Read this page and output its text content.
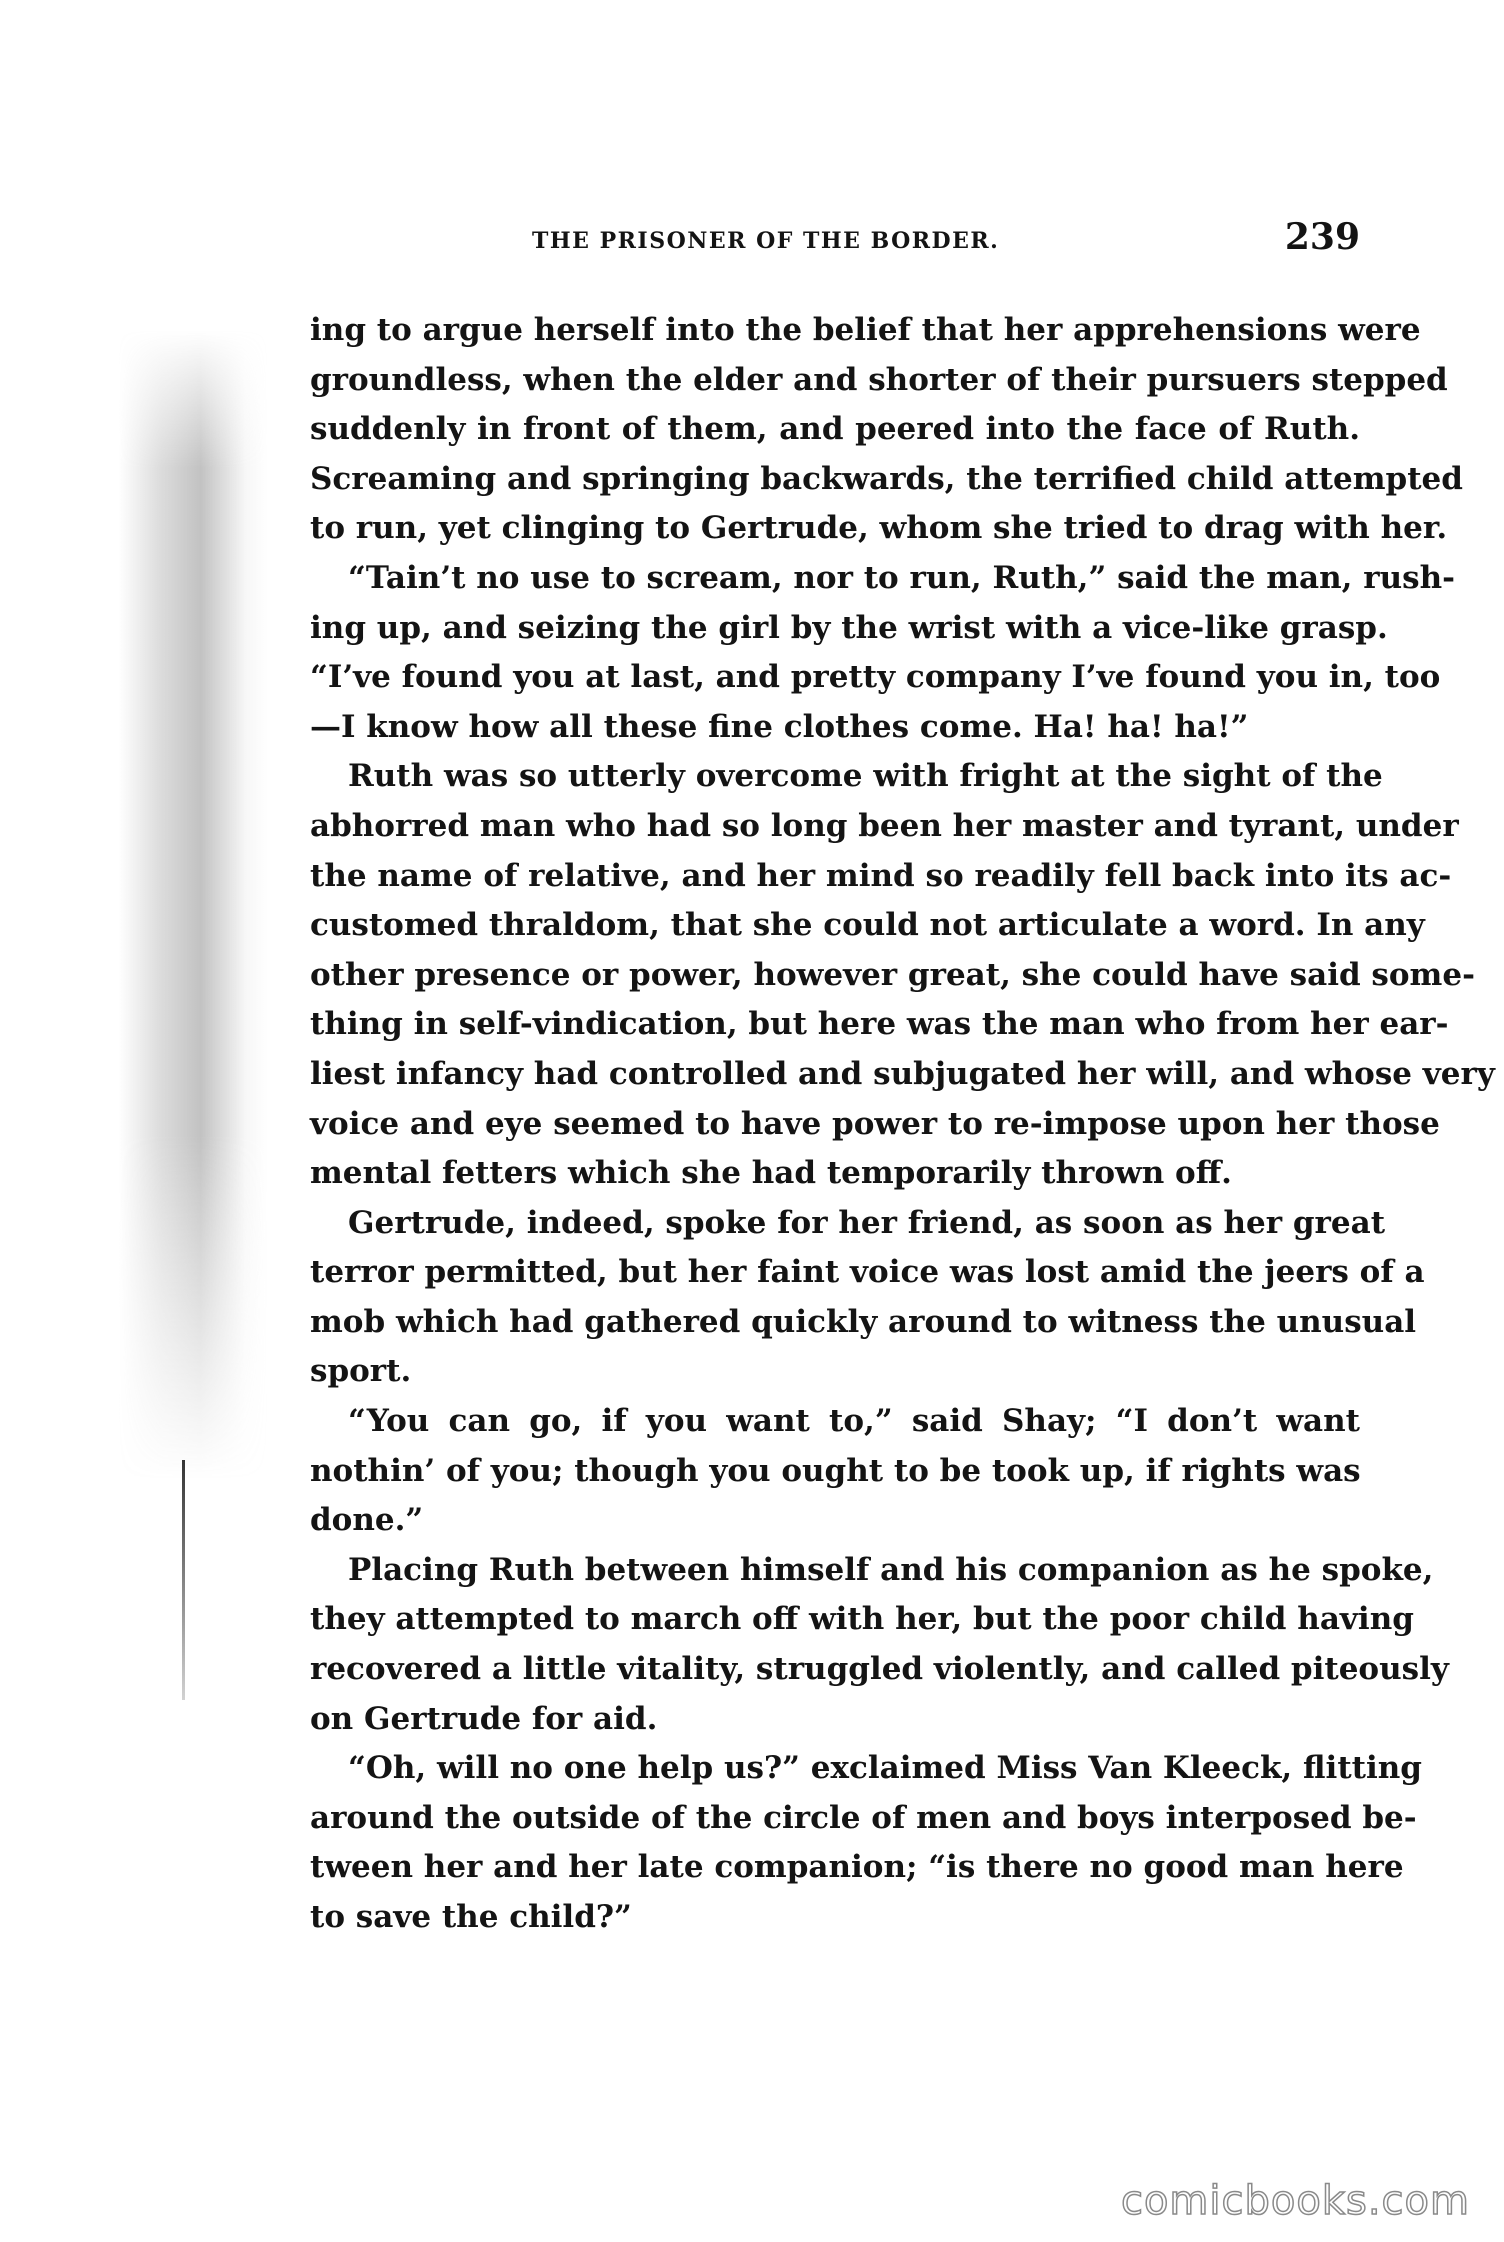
THE PRISONER OF THE BORDER.	239
ing to argue herself into the belief that her apprehensions were
groundless, when the elder and shorter of their pursuers stepped
suddenly in front of them, and peered into the face of Ruth.
Screaming and springing backwards, the terrified child attempted
to run, yet clinging to Gertrude, whom she tried to drag with her.
“Tain’t no use to scream, nor to run, Ruth,” said the man, rush-
ing up, and seizing the girl by the wrist with a vice-like grasp.
“I’ve found you at last, and pretty company I’ve found you in, too
—I know how all these fine clothes come. Ha! ha! ha!”
Ruth was so utterly overcome with fright at the sight of the
abhorred man who had so long been her master and tyrant, under
the name of relative, and her mind so readily fell back into its ac-
customed thraldom, that she could not articulate a word. In any
other presence or power, however great, she could have said some-
thing in self-vindication, but here was the man who from her ear-
liest infancy had controlled and subjugated her will, and whose very
voice and eye seemed to have power to re-impose upon her those
mental fetters which she had temporarily thrown off.
Gertrude, indeed, spoke for her friend, as soon as her great
terror permitted, but her faint voice was lost amid the jeers of a
mob which had gathered quickly around to witness the unusual
sport.
“You can go, if you want to,” said Shay; “I don’t want
nothin’ of you; though you ought to be took up, if rights was
done.”
Placing Ruth between himself and his companion as he spoke,
they attempted to march off with her, but the poor child having
recovered a little vitality, struggled violently, and called piteously
on Gertrude for aid.
“Oh, will no one help us?” exclaimed Miss Van Kleeck, flitting
around the outside of the circle of men and boys interposed be-
tween her and her late companion; “is there no good man here
to save the child?”
comicbooks.com
